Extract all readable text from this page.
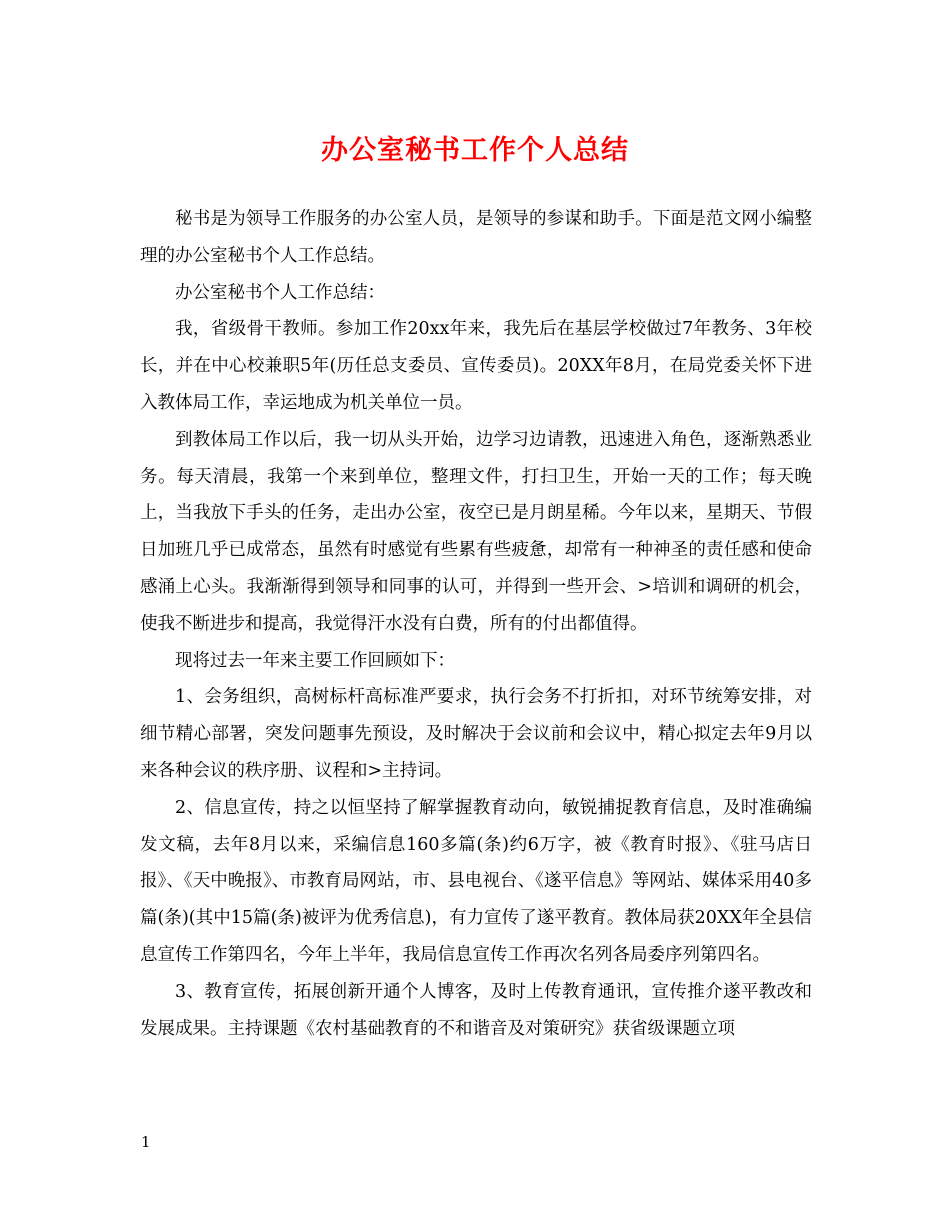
办公室秘书工作个人总结

秘书是为领导工作服务的办公室人员，是领导的参谋和助手。下面是范文网小编整理的办公室秘书个人工作总结。

办公室秘书个人工作总结：

我，省级骨干教师。参加工作20xx年来，我先后在基层学校做过7年教务、3年校长，并在中心校兼职5年(历任总支委员、宣传委员)。20XX年8月，在局党委关怀下进入教体局工作，幸运地成为机关单位一员。

到教体局工作以后，我一切从头开始，边学习边请教，迅速进入角色，逐渐熟悉业务。每天清晨，我第一个来到单位，整理文件，打扫卫生，开始一天的工作；每天晚上，当我放下手头的任务，走出办公室，夜空已是月朗星稀。今年以来，星期天、节假日加班几乎已成常态，虽然有时感觉有些累有些疲惫，却常有一种神圣的责任感和使命感涌上心头。我渐渐得到领导和同事的认可，并得到一些开会、>培训和调研的机会，使我不断进步和提高，我觉得汗水没有白费，所有的付出都值得。

现将过去一年来主要工作回顾如下：

1、会务组织，高树标杆高标准严要求，执行会务不打折扣，对环节统筹安排，对细节精心部署，突发问题事先预设，及时解决于会议前和会议中，精心拟定去年9月以来各种会议的秩序册、议程和>主持词。

2、信息宣传，持之以恒坚持了解掌握教育动向，敏锐捕捉教育信息，及时准确编发文稿，去年8月以来，采编信息160多篇(条)约6万字，被《教育时报》、《驻马店日报》、《天中晚报》、市教育局网站，市、县电视台、《遂平信息》等网站、媒体采用40多篇(条)(其中15篇(条)被评为优秀信息)，有力宣传了遂平教育。教体局获20XX年全县信息宣传工作第四名，今年上半年，我局信息宣传工作再次名列各局委序列第四名。

3、教育宣传，拓展创新开通个人博客，及时上传教育通讯，宣传推介遂平教改和发展成果。主持课题《农村基础教育的不和谐音及对策研究》获省级课题立项

1
